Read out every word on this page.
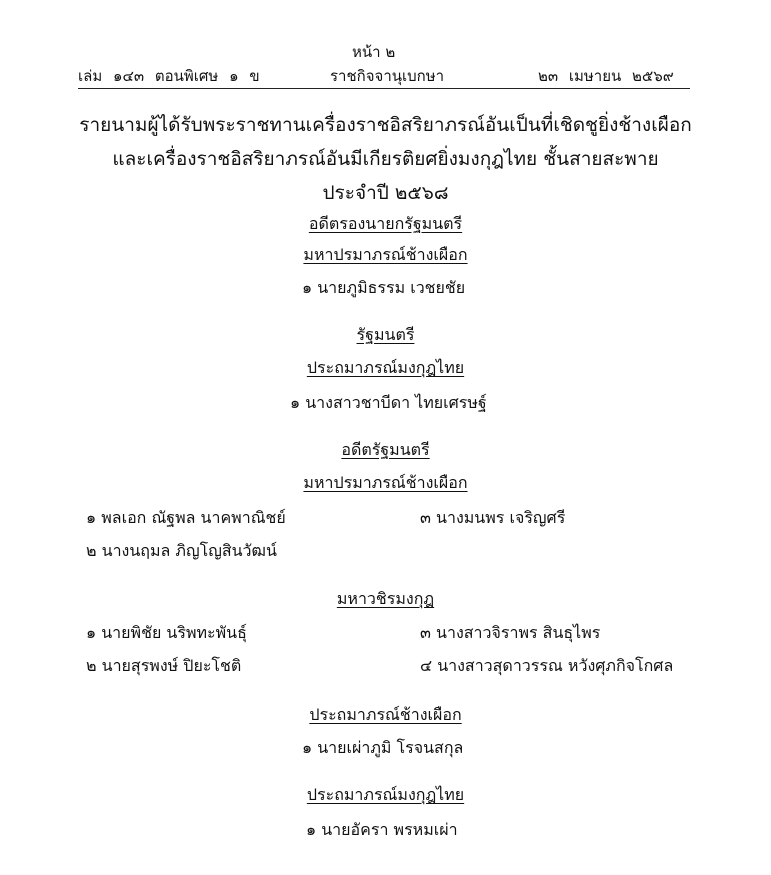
หน้า ๒
เล่ม ๑๔๓ ตอนพิเศษ ๑ ข	ราชกิจจานุเบกษา	๒๓ เมษายน ๒๕๖๙
รายนามผู้ได้รับพระราชทานเครื่องราชอิสริยาภรณ์อันเป็นที่เชิดชูยิ่งช้างเผือก
และเครื่องราชอิสริยาภรณ์อันมีเกียรติยศยิ่งมงกุฎไทย ชั้นสายสะพาย
ประจำปี ๒๕๖๘
อดีตรองนายกรัฐมนตรี
มหาปรมาภรณ์ช้างเผือก
รัฐมนตรี
ประถมาภรณ์มงกุฎไทย
อดีตรัฐมนตรี
มหาปรมาภรณ์ช้างเผือก
มหาวชิรมงกุฎ
ประถมาภรณ์ช้างเผือก
ประถมาภรณ์มงกุฎไทย
๑ นายภูมิธรรม เวชยชัย
๑ นางสาวชาบีดา ไทยเศรษฐ์
๑ พลเอก ณัฐพล นาคพาณิชย์	๓ นางมนพร เจริญศรี
๒ นางนฤมล ภิญโญสินวัฒน์
๑ นายพิชัย นริพทะพันธุ์	๓ นางสาวจิราพร สินธุไพร
๒ นายสุรพงษ์ ปิยะโชติ	๔ นางสาวสุดาวรรณ หวังศุภกิจโกศล
๑ นายเผ่าภูมิ โรจนสกุล
๑ นายอัครา พรหมเผ่า
